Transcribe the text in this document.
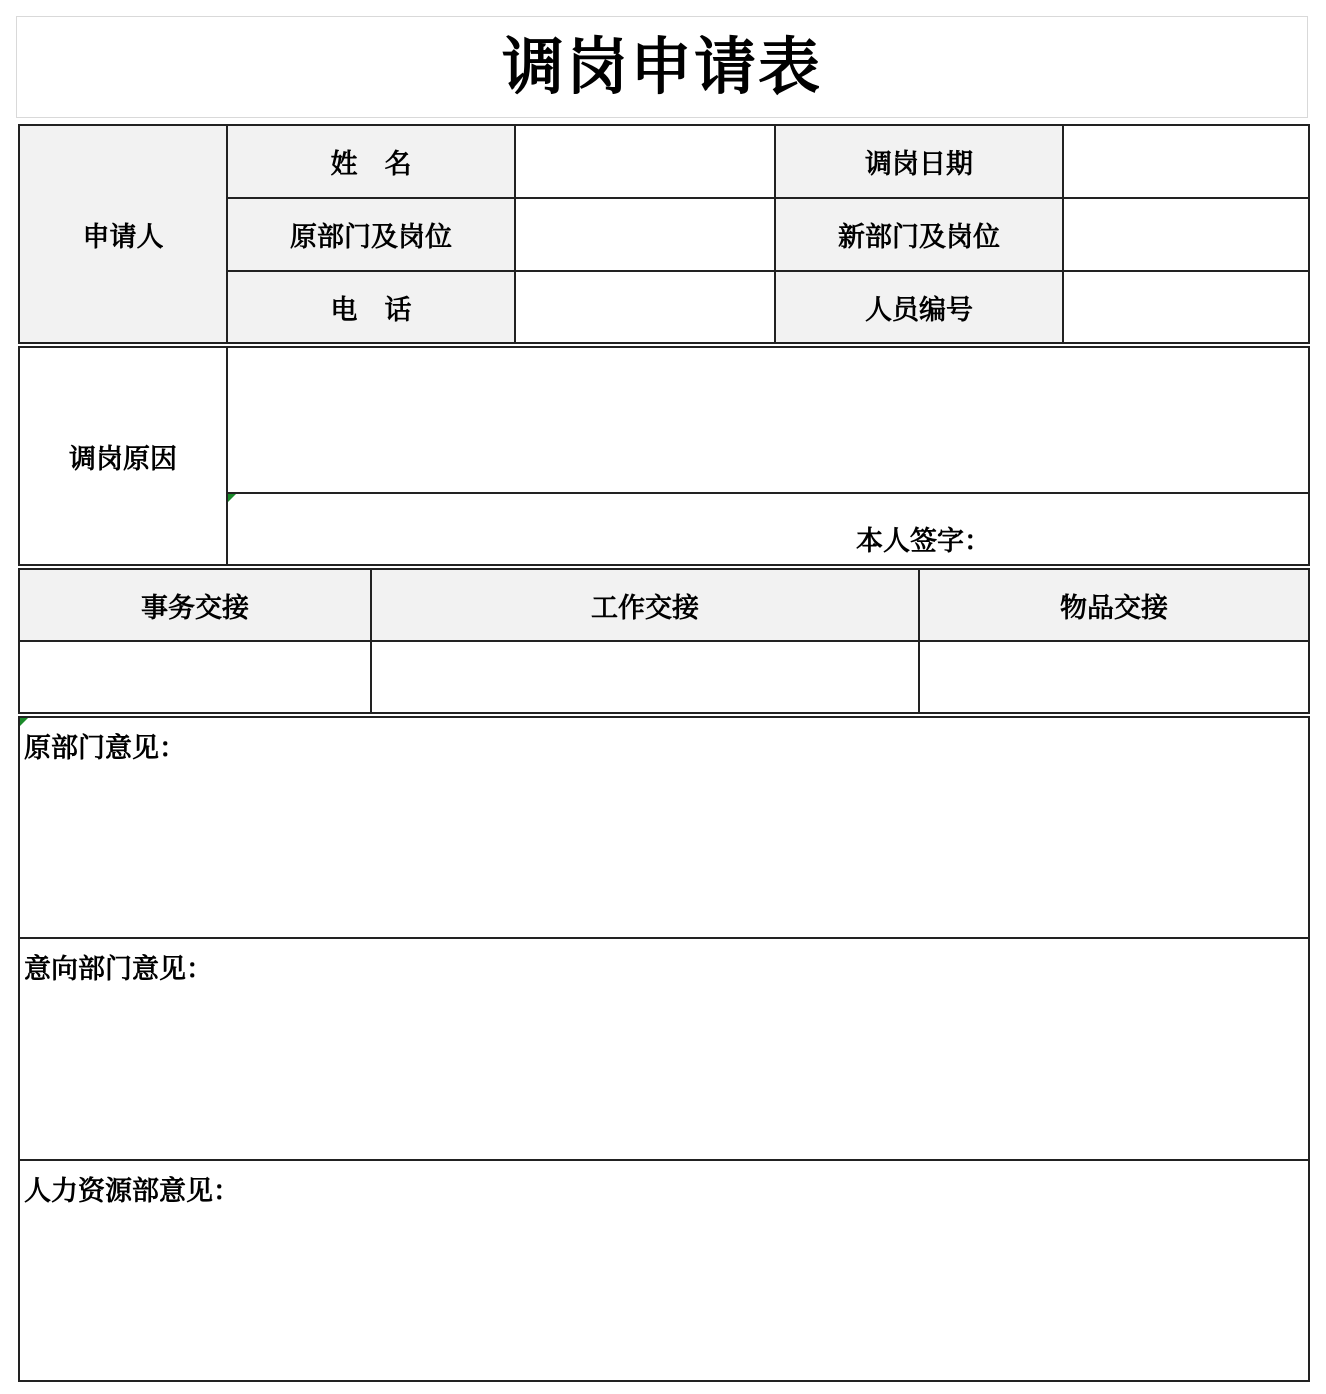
调岗申请表
申请人	姓　名		调岗日期	
	原部门及岗位		新部门及岗位	
	电　话		人员编号	
调岗原因	

本人签字：
事务交接	工作交接	物品交接

原部门意见：

意向部门意见：

人力资源部意见：
